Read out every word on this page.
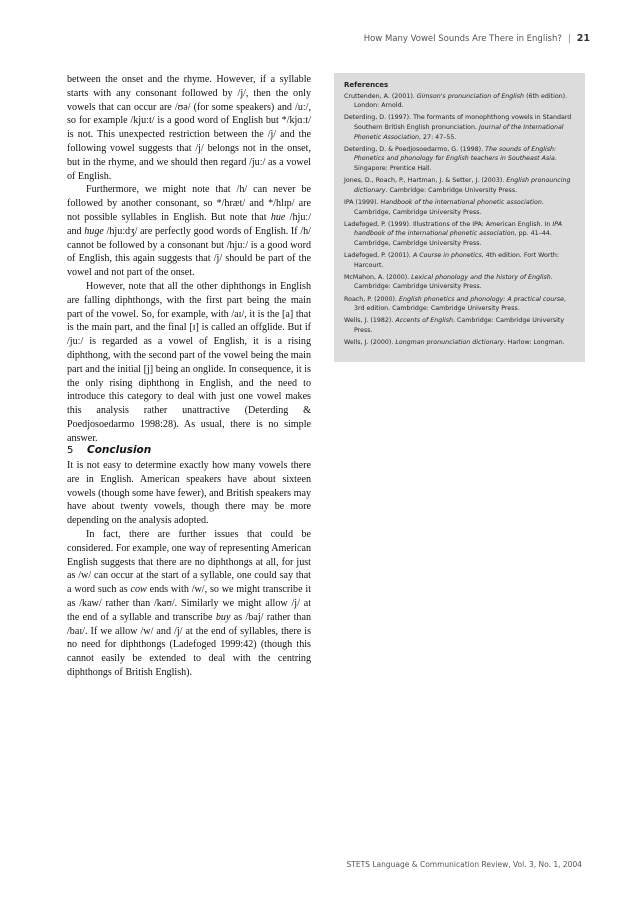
How Many Vowel Sounds Are There in English? | 21

between the onset and the rhyme. However, if a syllable starts with any consonant followed by /j/, then the only vowels that can occur are /ʊə/ (for some speakers) and /uː/, so for example /kjuːt/ is a good word of English but */kjɑːt/ is not. This unexpected restriction between the /j/ and the following vowel suggests that /j/ belongs not in the onset, but in the rhyme, and we should then regard /juː/ as a vowel of English.

Furthermore, we might note that /h/ can never be followed by another consonant, so */hræt/ and */hlɪp/ are not possible syllables in English. But note that hue /hjuː/ and huge /hjuːdʒ/ are perfectly good words of English. If /h/ cannot be followed by a consonant but /hjuː/ is a good word of English, this again suggests that /j/ should be part of the vowel and not part of the onset.

However, note that all the other diphthongs in English are falling diphthongs, with the first part being the main part of the vowel. So, for example, with /aɪ/, it is the [a] that is the main part, and the final [ɪ] is called an offglide. But if /juː/ is regarded as a vowel of English, it is a rising diphthong, with the second part of the vowel being the main part and the initial [j] being an onglide. In consequence, it is the only rising diphthong in English, and the need to introduce this category to deal with just one vowel makes this analysis rather unattractive (Deterding & Poedjosoedarmo 1998:28). As usual, there is no simple answer.

5 Conclusion

It is not easy to determine exactly how many vowels there are in English. American speakers have about sixteen vowels (though some have fewer), and British speakers may have about twenty vowels, though there may be more depending on the analysis adopted.

In fact, there are further issues that could be considered. For example, one way of representing American English suggests that there are no diphthongs at all, for just as /w/ can occur at the start of a syllable, one could say that a word such as cow ends with /w/, so we might transcribe it as /kaw/ rather than /kaʊ/. Similarly we might allow /j/ at the end of a syllable and transcribe buy as /baj/ rather than /baɪ/. If we allow /w/ and /j/ at the end of syllables, there is no need for diphthongs (Ladefoged 1999:42) (though this cannot easily be extended to deal with the centring diphthongs of British English).

References
Cruttenden, A. (2001). Gimson's pronunciation of English (6th edition). London: Arnold.
Deterding, D. (1997). The formants of monophthong vowels in Standard Southern British English pronunciation. Journal of the International Phonetic Association, 27: 47–55.
Deterding, D. & Poedjosoedarmo, G. (1998). The sounds of English: Phonetics and phonology for English teachers in Southeast Asia. Singapore: Prentice Hall.
Jones, D., Roach, P., Hartman, J. & Setter, J. (2003). English pronouncing dictionary. Cambridge: Cambridge University Press.
IPA (1999). Handbook of the international phonetic association. Cambridge, Cambridge University Press.
Ladefoged, P. (1999). Illustrations of the IPA: American English. In IPA handbook of the international phonetic association, pp. 41–44. Cambridge, Cambridge University Press.
Ladefoged, P. (2001). A Course in phonetics, 4th edition. Fort Worth: Harcourt.
McMahon, A. (2000). Lexical phonology and the history of English. Cambridge: Cambridge University Press.
Roach, P. (2000). English phonetics and phonology: A practical course, 3rd edition. Cambridge: Cambridge University Press.
Wells, J. (1982). Accents of English. Cambridge: Cambridge University Press.
Wells, J. (2000). Longman pronunciation dictionary. Harlow: Longman.
STETS Language & Communication Review, Vol. 3, No. 1, 2004
